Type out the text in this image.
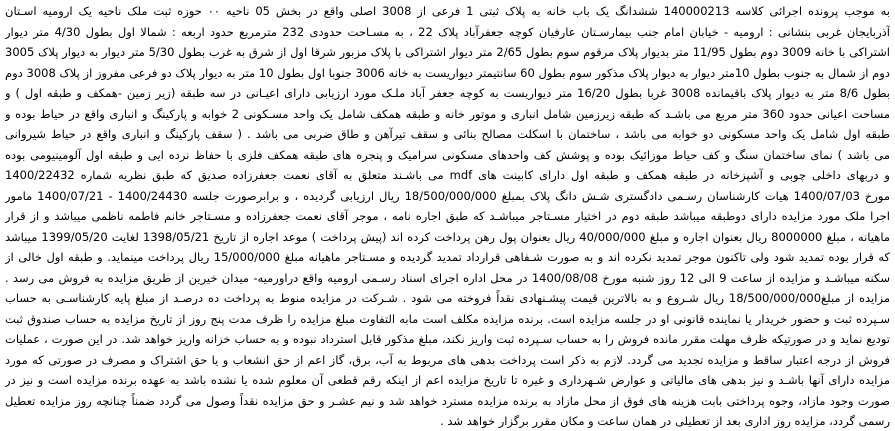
به موجب پرونده اجرائی کلاسه 140000213 ششدانگ یک باب خانه به پلاک ثبتی 1 فرعی از 3008 اصلی واقع در بخش 05 ناحیه ۰۰ حوزه ثبت ملک ناحیه یک ارومیه اسـتان
آذربایجان غربی بنشانی : ارومیه - خیابان امام جنب بیمارسـتان عارفیان کوچه جعفرآباد پلاک 22 ، به مسـاحت حدودی 232 مترمربع حدود اربعه : شمالا اول بطول 4/30 متر دیوار
اشتراکی با خانه 3009 دوم بطول 11/95 متر بدیوار پلاک مرقوم سوم بطول 2/65 متر دیوار اشتراکی با پلاک مزبور شرقا اول از شرق به غرب بطول 5/30 متر دیوار به دیوار پلاک 3005
دوم از شمال به جنوب بطول 10متر دیوار به دیوار پلاک مذکور سوم بطول 60 سانتیمتر دیواریست به خانه 3006 جنوبا اول بطول 10 متر به دیوار پلاک دو فرعی مفروز از پلاک 3008 دوم
بطول 8/6 متر به دیوار پلاک باقیمانده 3008 غربا بطول 16/20 متر دیواریست به کوچه جعفر آباد ملـک مورد ارزیابی دارای اعیـانی در سه طبقه (زیر زمین -همکف و طبقه اول ) و
مساحت اعیانی حدود 360 متر مربع می باشـد که طبقه زیرزمین شامل انباری و موتور خانه و طبقه همکف شامل یک واحد مسـکونی 2 خوابه و پارکینگ و انباری واقع در حیاط بوده و
طبقه اول شامل یک واحد مسکونی دو خوابه می باشد ، ساختمان با اسکلت مصالح بنائی و سقف تیرآهن و طاق ضربی می باشد . ( سقف پارکینگ و انباری واقع در حیاط شیروانی
می باشد ) نمای ساختمان سنگ و کف حیاط موزائیک بوده و پوشش کف واحدهای مسکونی سرامیک و پنجره های طبقه همکف فلزی با حفاظ نرده ایی و طبقه اول آلومینیومی بوده
و دربهای داخلی چوبی و آشپزخانه در طبقه همکف و طبقه اول دارای کابینت های mdf می باشـند متعلق به آقای نعمت جعفرزاده صدیق که طبق نظریه شماره 1400/22432
مورخ 1400/07/03 هیات کارشناسان رسـمی دادگستری شـش دانگ پلاک بمبلغ 18/500/000/000 ریال ارزیابی گردیده ، و برابرصورت جلسه 1400/24430 - 1400/07/21 مامور
اجرا ملک مورد مزایده دارای دوطبقه میباشد طبقه دوم در اختیار مسـتاجر میباشـد که طبق اجاره نامه ، موجر آقای نعمت جعفرزاده و مسـتاجر خانم فاطمه ناظمی میباشد و از قرار
ماهیانه ، مبلغ 8000000 ریال بعنوان اجاره و مبلغ 40/000/000 ریال بعنوان پول رهن پرداخت کرده اند (پیش پرداخت ) موعد اجاره از تاریخ 1398/05/21 لغایت 1399/05/20 میباشد
که قرار بوده تمدید شود ولی تاکنون موجر تمدید نکرده اند و به صورت شـفاهی قرارداد تمدید گردیده و مسـتاجر ماهیانه مبلغ 15/000/000 ریال پرداخت مینماید. و طبقه اول خالی از
سکنه میباشـد و مزایده از ساعت 9 الی 12 روز شنبه مورخ 1400/08/08 در محل اداره اجرای اسناد رسـمی ارومیه واقع دراورمیه- میدان خیرین از طریق مزایده به فروش می رسد .
مزایده از مبلغ18/500/000/000 ریال شـروع و به بالاترین قیمت پیشـنهادی نقداً فروخته می شود . شـرکت در مزایده منوط به پرداخت ده درصـد از مبلغ پایه کارشناسـی به حساب
سـپرده ثبت و حضور خریدار یا نماینده قانونی او در جلسه مزایده است. برنده مزایده مکلف است مابه التفاوت مبلغ مزایده را ظرف مدت پنج روز از تاریخ مزایده به حساب صندوق ثبت
تودیع نماید و در صورتیکه ظرف مهلت مقرر مانده فروش را به حساب سـپرده ثبت واریز نکند، مبلغ مذکور قابل استرداد نبوده و به حساب خزانه واریز خواهد شد. در این صورت ، عملیات
فروش از درجه اعتبار ساقط و مزایده تجدید می گردد. لازم به ذکر است پرداخت بدهی های مربوط به آب، برق، گاز اعم از حق انشعاب و یا حق اشتراک و مصرف در صورتی که مورد
مزایده دارای آنها باشـد و نیز بدهی های مالیاتی و عوارض شـهرداری و غیره تا تاریخ مزایده اعم از اینکه رقم قطعی آن معلوم شده یا نشده باشد به عهده برنده مزایده است و نیز در
صورت وجود مازاد، وجوه پرداختی بابت هزینه های فوق از محل مازاد به برنده مزایده مسترد خواهد شد و نیم عشـر و حق مزایده نقداً وصول می گردد ضمناً چنانچه روز مزایده تعطیل
رسمی گردد، مزایده روز اداری بعد از تعطیلی در همان ساعت و مکان مقرر برگزار خواهد شد .
